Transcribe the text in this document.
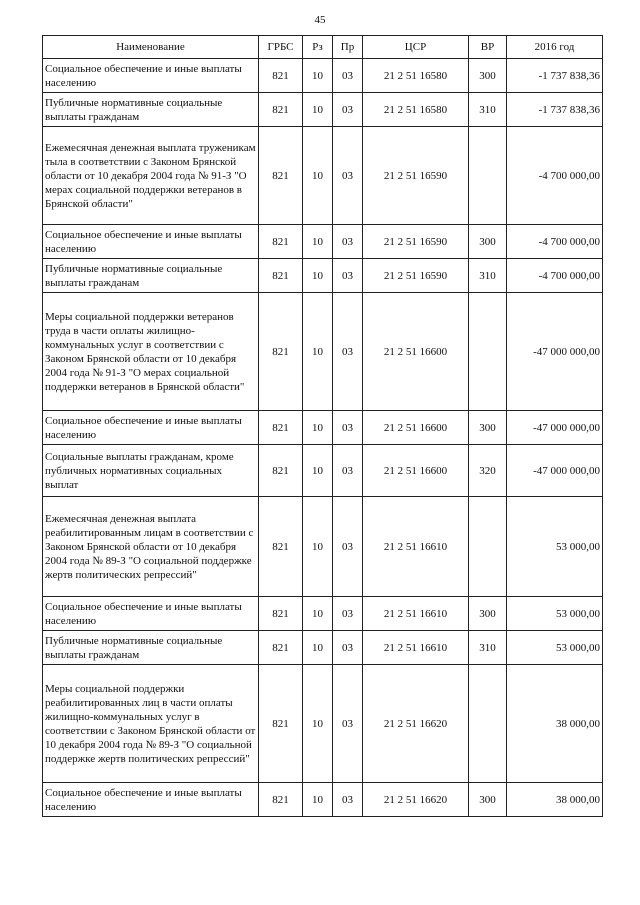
45
Наименование	ГРБС	Рз	Пр	ЦСР	ВР	2016 год
Социальное обеспечение и иные выплаты населению	821	10	03	21 2 51 16580	300	-1 737 838,36
Публичные нормативные социальные выплаты гражданам	821	10	03	21 2 51 16580	310	-1 737 838,36
Ежемесячная денежная выплата труженикам тыла в соответствии с Законом Брянской области от 10 декабря 2004 года № 91-З "О мерах социальной поддержки ветеранов в Брянской области"	821	10	03	21 2 51 16590		-4 700 000,00
Социальное обеспечение и иные выплаты населению	821	10	03	21 2 51 16590	300	-4 700 000,00
Публичные нормативные социальные выплаты гражданам	821	10	03	21 2 51 16590	310	-4 700 000,00
Меры социальной поддержки ветеранов труда в части оплаты жилищно-коммунальных услуг в соответствии с Законом Брянской области от 10 декабря 2004 года № 91-З "О мерах социальной поддержки ветеранов в Брянской области"	821	10	03	21 2 51 16600		-47 000 000,00
Социальное обеспечение и иные выплаты населению	821	10	03	21 2 51 16600	300	-47 000 000,00
Социальные выплаты гражданам, кроме публичных нормативных социальных выплат	821	10	03	21 2 51 16600	320	-47 000 000,00
Ежемесячная денежная выплата реабилитированным лицам в соответствии с Законом Брянской области от 10 декабря 2004 года № 89-З "О социальной поддержке жертв политических репрессий"	821	10	03	21 2 51 16610		53 000,00
Социальное обеспечение и иные выплаты населению	821	10	03	21 2 51 16610	300	53 000,00
Публичные нормативные социальные выплаты гражданам	821	10	03	21 2 51 16610	310	53 000,00
Меры социальной поддержки реабилитированных лиц в части оплаты жилищно-коммунальных услуг в соответствии с Законом Брянской области от 10 декабря 2004 года № 89-З "О социальной поддержке жертв политических репрессий"	821	10	03	21 2 51 16620		38 000,00
Социальное обеспечение и иные выплаты населению	821	10	03	21 2 51 16620	300	38 000,00
